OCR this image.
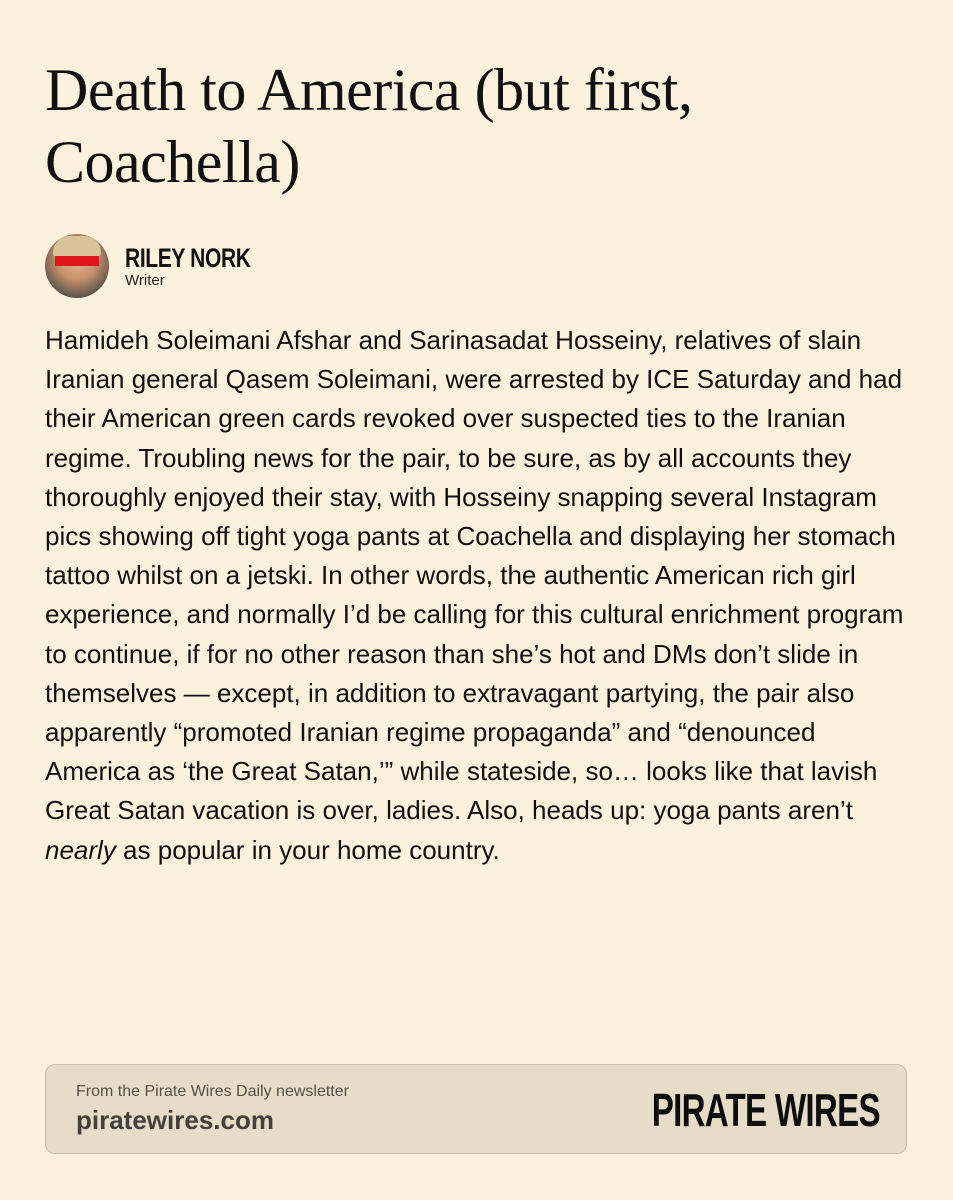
Death to America (but first, Coachella)
RILEY NORK
Writer

Hamideh Soleimani Afshar and Sarinasadat Hosseiny, relatives of slain Iranian general Qasem Soleimani, were arrested by ICE Saturday and had their American green cards revoked over suspected ties to the Iranian regime. Troubling news for the pair, to be sure, as by all accounts they thoroughly enjoyed their stay, with Hosseiny snapping several Instagram pics showing off tight yoga pants at Coachella and displaying her stomach tattoo whilst on a jetski. In other words, the authentic American rich girl experience, and normally I’d be calling for this cultural enrichment program to continue, if for no other reason than she’s hot and DMs don’t slide in themselves — except, in addition to extravagant partying, the pair also apparently “promoted Iranian regime propaganda” and “denounced America as ‘the Great Satan,’” while stateside, so… looks like that lavish Great Satan vacation is over, ladies. Also, heads up: yoga pants aren’t nearly as popular in your home country.

From the Pirate Wires Daily newsletter
piratewires.com	PIRATE WIRES
